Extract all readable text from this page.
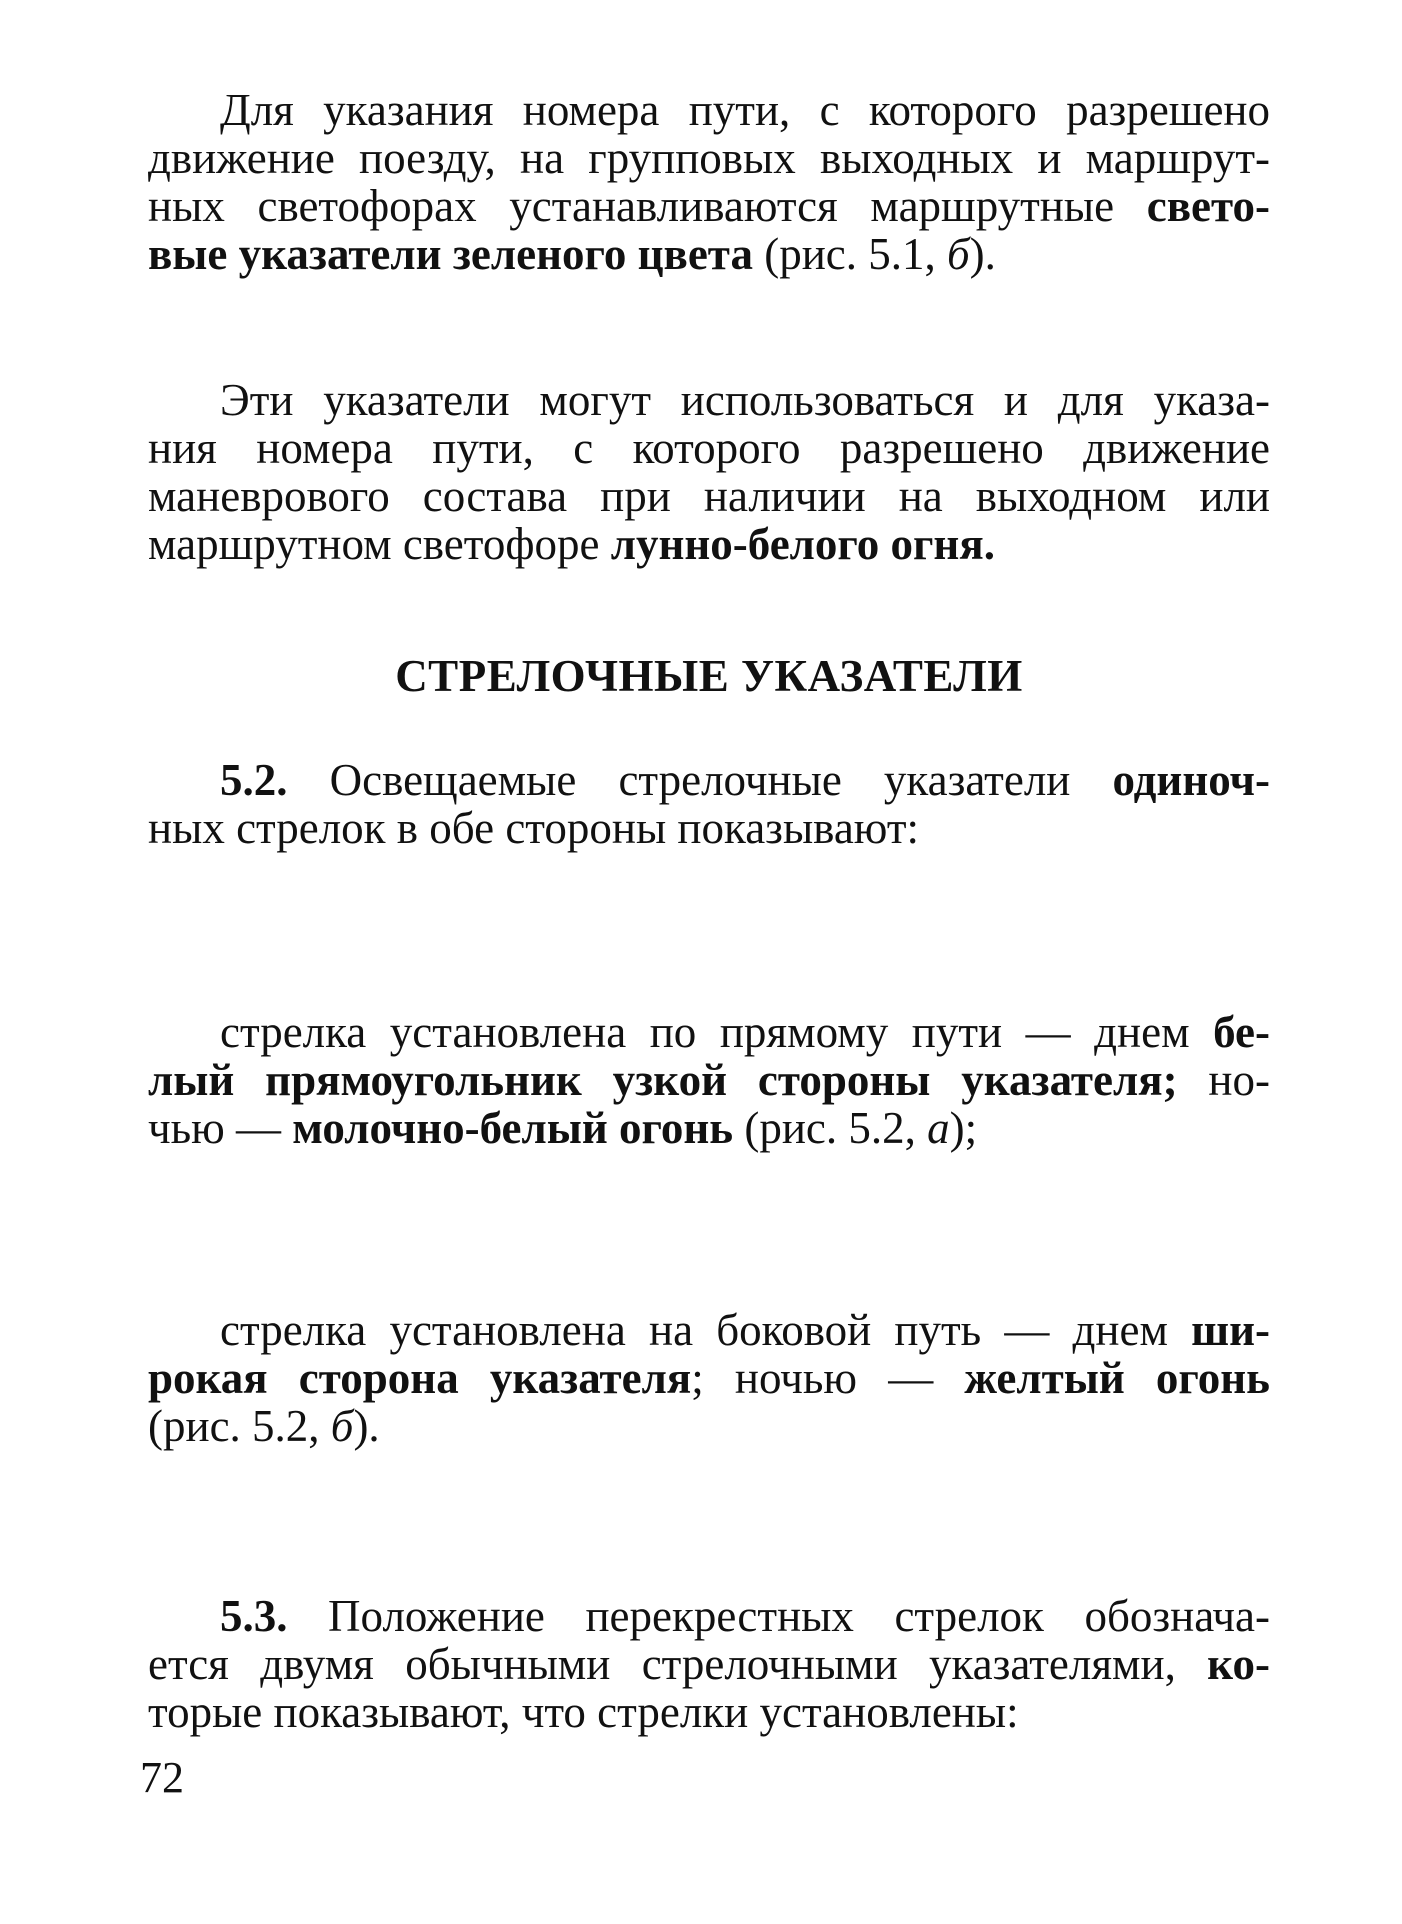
Для указания номера пути, с которого разрешено
движение поезду, на групповых выходных и маршрут-
ных светофорах устанавливаются маршрутные свето-
вые указатели зеленого цвета (рис. 5.1, б).

Эти указатели могут использоваться и для указа-
ния номера пути, с которого разрешено движение
маневрового состава при наличии на выходном или
маршрутном светофоре лунно-белого огня.

СТРЕЛОЧНЫЕ УКАЗАТЕЛИ

5.2. Освещаемые стрелочные указатели одиноч-
ных стрелок в обе стороны показывают:

стрелка установлена по прямому пути — днем бе-
лый прямоугольник узкой стороны указателя; но-
чью — молочно-белый огонь (рис. 5.2, а);

стрелка установлена на боковой путь — днем ши-
рокая сторона указателя; ночью — желтый огонь
(рис. 5.2, б).

5.3. Положение перекрестных стрелок обознача-
ется двумя обычными стрелочными указателями, ко-
торые показывают, что стрелки установлены:

72
